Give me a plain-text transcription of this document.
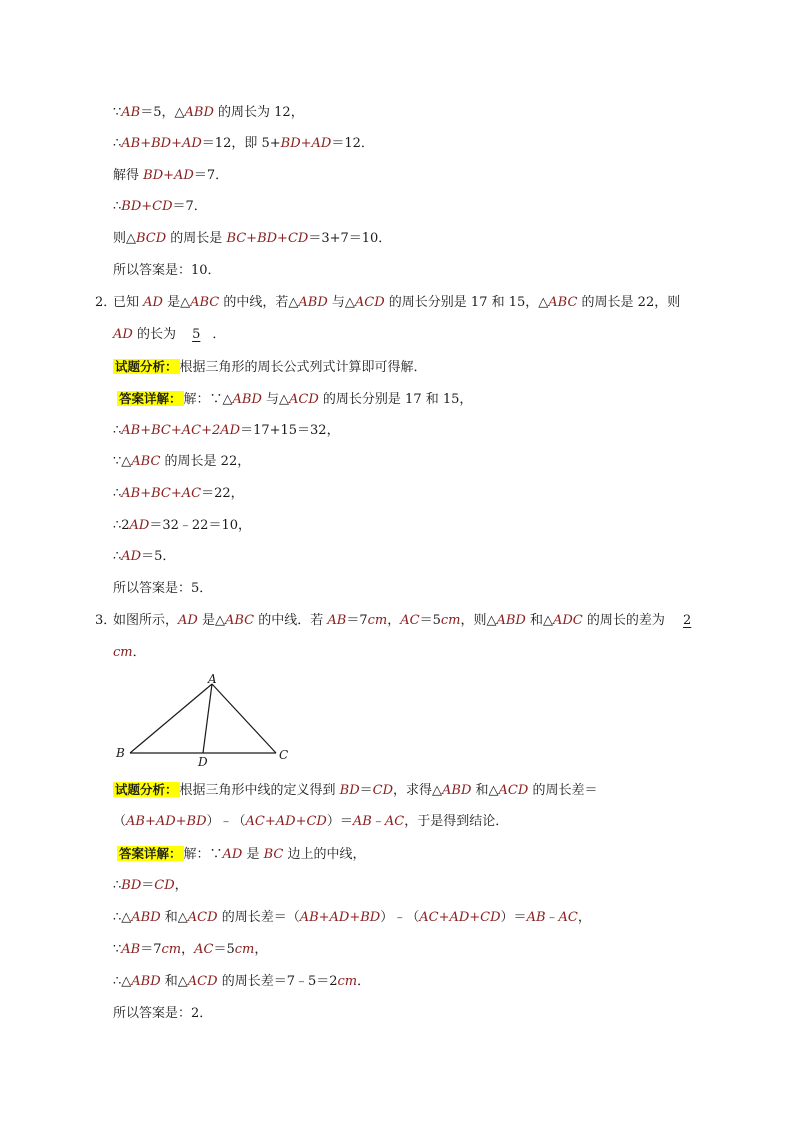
∵AB＝5，△ABD 的周长为 12，
∴AB+BD+AD＝12，即 5+BD+AD＝12．
解得 BD+AD＝7．
∴BD+CD＝7．
则△BCD 的周长是 BC+BD+CD＝3+7＝10．
所以答案是：10．
2．已知 AD 是△ABC 的中线，若△ABD 与△ACD 的周长分别是 17 和 15，△ABC 的周长是 22，则
AD 的长为 5 ．
试题分析： 根据三角形的周长公式列式计算即可得解．
答案详解： 解：∵△ABD 与△ACD 的周长分别是 17 和 15，
∴AB+BC+AC+2AD＝17+15＝32，
∵△ABC 的周长是 22，
∴AB+BC+AC＝22，
∴2AD＝32﹣22＝10，
∴AD＝5．
所以答案是：5．
3．如图所示，AD 是△ABC 的中线．若 AB＝7cm，AC＝5cm，则△ABD 和△ADC 的周长的差为 2
cm．
A
B	C
D
试题分析： 根据三角形中线的定义得到 BD＝CD，求得△ABD 和△ACD 的周长差＝
（AB+AD+BD）﹣（AC+AD+CD）＝AB﹣AC，于是得到结论．
答案详解： 解：∵AD 是 BC 边上的中线，
∴BD＝CD，
∴△ABD 和△ACD 的周长差＝（AB+AD+BD）﹣（AC+AD+CD）＝AB﹣AC，
∵AB＝7cm，AC＝5cm，
∴△ABD 和△ACD 的周长差＝7﹣5＝2cm．
所以答案是：2．
